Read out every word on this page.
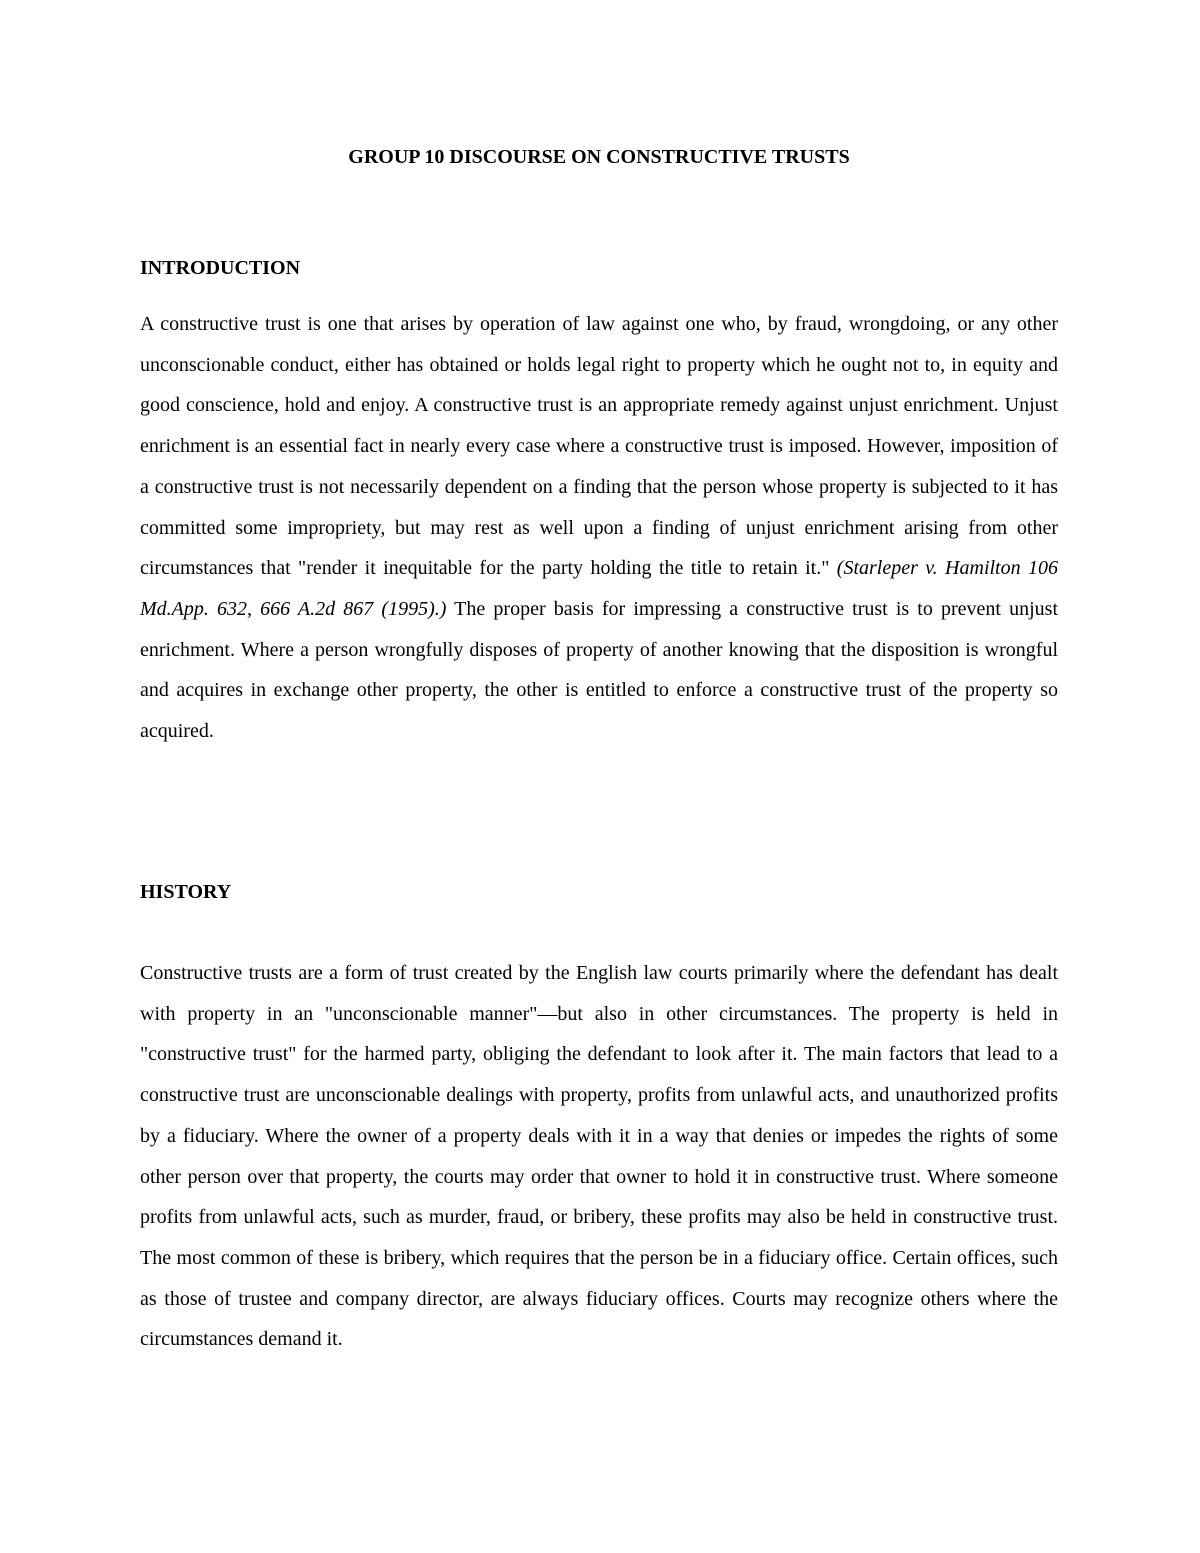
GROUP 10 DISCOURSE ON CONSTRUCTIVE TRUSTS
INTRODUCTION

A constructive trust is one that arises by operation of law against one who, by fraud, wrongdoing, or any other unconscionable conduct, either has obtained or holds legal right to property which he ought not to, in equity and good conscience, hold and enjoy. A constructive trust is an appropriate remedy against unjust enrichment. Unjust enrichment is an essential fact in nearly every case where a constructive trust is imposed. However, imposition of a constructive trust is not necessarily dependent on a finding that the person whose property is subjected to it has committed some impropriety, but may rest as well upon a finding of unjust enrichment arising from other circumstances that "render it inequitable for the party holding the title to retain it." (Starleper v. Hamilton 106 Md.App. 632, 666 A.2d 867 (1995).) The proper basis for impressing a constructive trust is to prevent unjust enrichment. Where a person wrongfully disposes of property of another knowing that the disposition is wrongful and acquires in exchange other property, the other is entitled to enforce a constructive trust of the property so acquired.

HISTORY

Constructive trusts are a form of trust created by the English law courts primarily where the defendant has dealt with property in an "unconscionable manner"—but also in other circumstances. The property is held in "constructive trust" for the harmed party, obliging the defendant to look after it. The main factors that lead to a constructive trust are unconscionable dealings with property, profits from unlawful acts, and unauthorized profits by a fiduciary. Where the owner of a property deals with it in a way that denies or impedes the rights of some other person over that property, the courts may order that owner to hold it in constructive trust. Where someone profits from unlawful acts, such as murder, fraud, or bribery, these profits may also be held in constructive trust. The most common of these is bribery, which requires that the person be in a fiduciary office. Certain offices, such as those of trustee and company director, are always fiduciary offices. Courts may recognize others where the circumstances demand it.
